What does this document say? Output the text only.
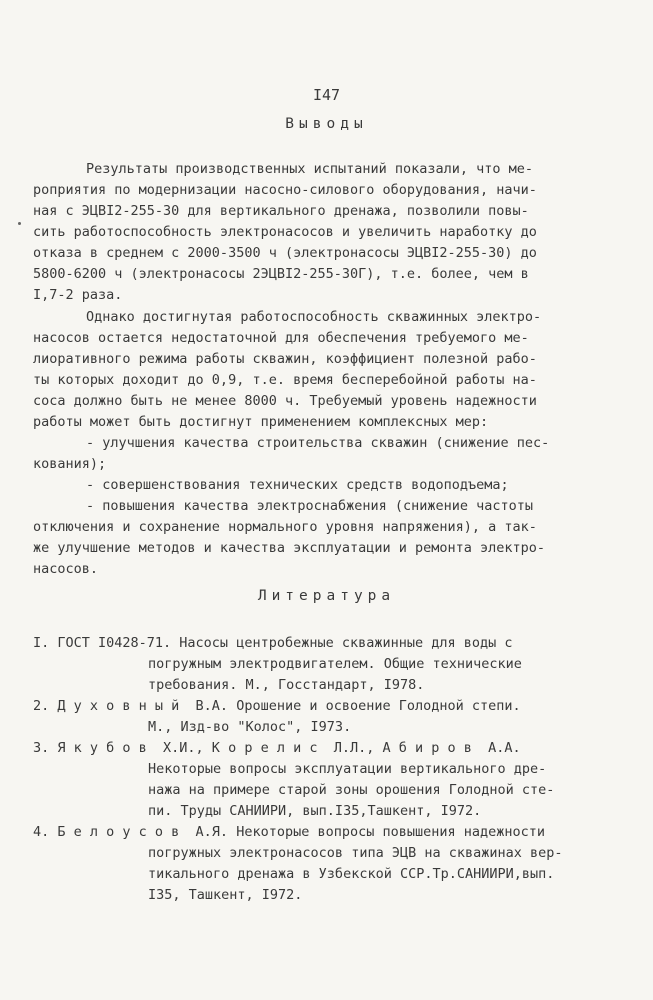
I47
Выводы
Результаты производственных испытаний показали, что ме-
роприятия по модернизации насосно-силового оборудования, начи-
ная с ЭЦВI2-255-30 для вертикального дренажа, позволили повы-
сить работоспособность электронасосов и увеличить наработку до
отказа в среднем с 2000-3500 ч (электронасосы ЭЦВI2-255-30) до
5800-6200 ч (электронасосы 2ЭЦВI2-255-30Г), т.е. более, чем в
I,7-2 раза.
Однако достигнутая работоспособность скважинных электро-
насосов остается недостаточной для обеспечения требуемого ме-
лиоративного режима работы скважин, коэффициент полезной рабо-
ты которых доходит до 0,9, т.е. время бесперебойной работы на-
соса должно быть не менее 8000 ч. Требуемый уровень надежности
работы может быть достигнут применением комплексных мер:
- улучшения качества строительства скважин (снижение пес-
кования);
- совершенствования технических средств водоподъема;
- повышения качества электроснабжения (снижение частоты
отключения и сохранение нормального уровня напряжения), а так-
же улучшение методов и качества эксплуатации и ремонта электро-
насосов.
Литература
I. ГОСТ I0428-71. Насосы центробежные скважинные для воды с
погружным электродвигателем. Общие технические
требования. М., Госстандарт, I978.
2. Д у х о в н ы й  В.А. Орошение и освоение Голодной степи.
М., Изд-во "Колос", I973.
3. Я к у б о в  Х.И., К о р е л и с  Л.Л., А б и р о в  А.А.
Некоторые вопросы эксплуатации вертикального дре-
нажа на примере старой зоны орошения Голодной сте-
пи. Труды САНИИРИ, вып.I35,Ташкент, I972.
4. Б е л о у с о в  А.Я. Некоторые вопросы повышения надежности
погружных электронасосов типа ЭЦВ на скважинах вер-
тикального дренажа в Узбекской ССР.Тр.САНИИРИ,вып.
I35, Ташкент, I972.
